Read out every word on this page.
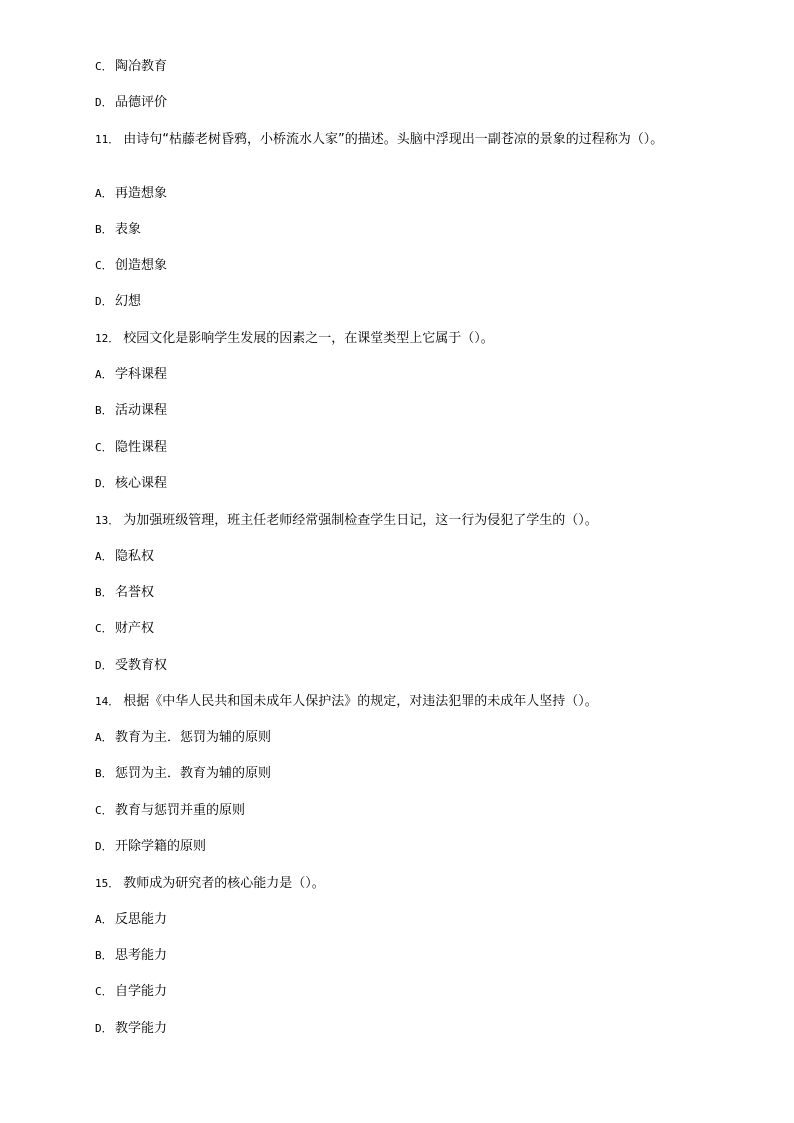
C． 陶冶教育
D． 品德评价
11． 由诗句“枯藤老树昏鸦，小桥流水人家”的描述。头脑中浮现出一副苍凉的景象的过程称为（）。
A． 再造想象
B． 表象
C． 创造想象
D． 幻想
12． 校园文化是影响学生发展的因素之一，在课堂类型上它属于（）。
A． 学科课程
B． 活动课程
C． 隐性课程
D． 核心课程
13． 为加强班级管理，班主任老师经常强制检查学生日记，这一行为侵犯了学生的（）。
A． 隐私权
B． 名誉权
C． 财产权
D． 受教育权
14． 根据《中华人民共和国未成年人保护法》的规定，对违法犯罪的未成年人坚持（）。
A． 教育为主．惩罚为辅的原则
B． 惩罚为主．教育为辅的原则
C． 教育与惩罚并重的原则
D． 开除学籍的原则
15． 教师成为研究者的核心能力是（）。
A． 反思能力
B． 思考能力
C． 自学能力
D． 教学能力
